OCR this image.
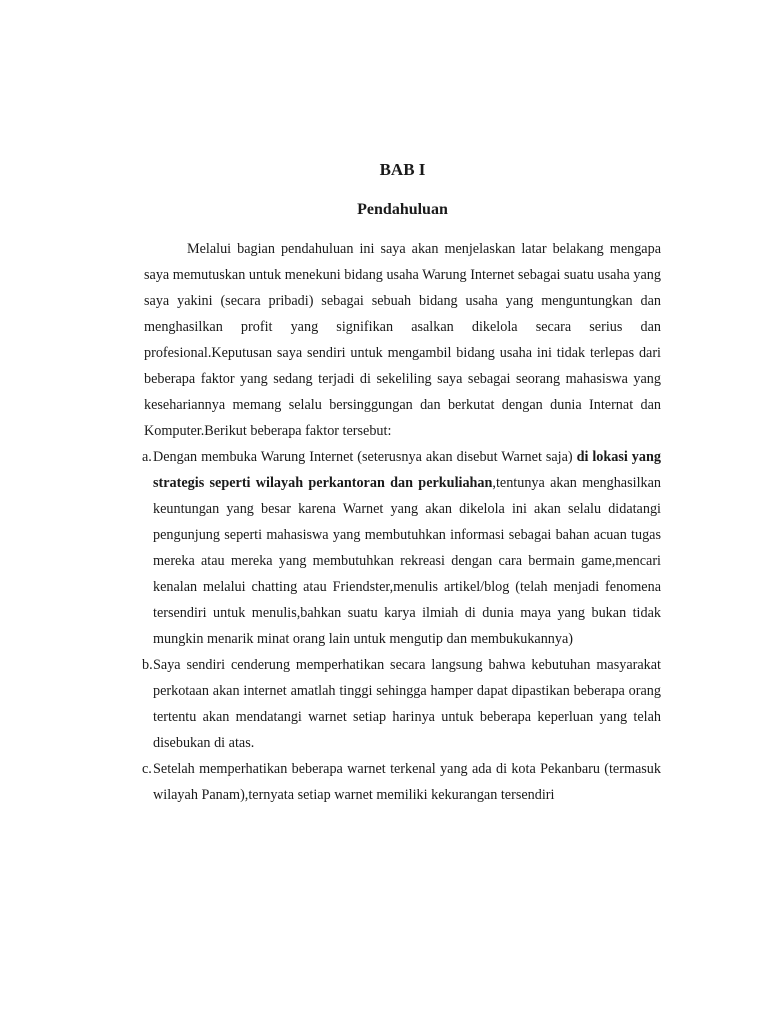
BAB I
Pendahuluan

Melalui bagian pendahuluan ini saya akan menjelaskan latar belakang mengapa saya memutuskan untuk menekuni bidang usaha Warung Internet sebagai suatu usaha yang saya yakini (secara pribadi) sebagai sebuah bidang usaha yang menguntungkan dan menghasilkan profit yang signifikan asalkan dikelola secara serius dan profesional.Keputusan saya sendiri untuk mengambil bidang usaha ini tidak terlepas dari beberapa faktor yang sedang terjadi di sekeliling saya sebagai seorang mahasiswa yang kesehariannya memang selalu bersinggungan dan berkutat dengan dunia Internat dan Komputer.Berikut beberapa faktor tersebut:

a. Dengan membuka Warung Internet (seterusnya akan disebut Warnet saja) di lokasi yang strategis seperti wilayah perkantoran dan perkuliahan,tentunya akan menghasilkan keuntungan yang besar karena Warnet yang akan dikelola ini akan selalu didatangi pengunjung seperti mahasiswa yang membutuhkan informasi sebagai bahan acuan tugas mereka atau mereka yang membutuhkan rekreasi dengan cara bermain game,mencari kenalan melalui chatting atau Friendster,menulis artikel/blog (telah menjadi fenomena tersendiri untuk menulis,bahkan suatu karya ilmiah di dunia maya yang bukan tidak mungkin menarik minat orang lain untuk mengutip dan membukukannya)
b. Saya sendiri cenderung memperhatikan secara langsung bahwa kebutuhan masyarakat perkotaan akan internet amatlah tinggi sehingga hamper dapat dipastikan beberapa orang tertentu akan mendatangi warnet setiap harinya untuk beberapa keperluan yang telah disebukan di atas.
c. Setelah memperhatikan beberapa warnet terkenal yang ada di kota Pekanbaru (termasuk wilayah Panam),ternyata setiap warnet memiliki kekurangan tersendiri
